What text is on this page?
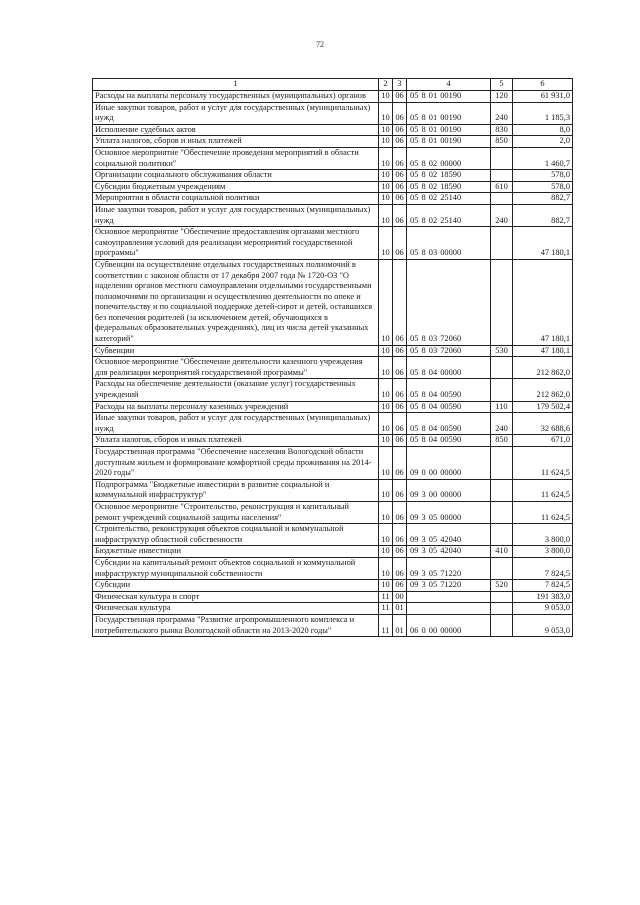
72
1	2	3	4	5	6
Расходы на выплаты персоналу государственных (муниципальных) органов	10	06	05 8 01 00190	120	61 931,0
Иные закупки товаров, работ и услуг для государственных (муниципальных) нужд	10	06	05 8 01 00190	240	1 185,3
Исполнение судебных актов	10	06	05 8 01 00190	830	8,0
Уплата налогов, сборов и иных платежей	10	06	05 8 01 00190	850	2,0
Основное мероприятие "Обеспечение проведения мероприятий в области социальной политики"	10	06	05 8 02 00000		1 460,7
Организации социального обслуживания области	10	06	05 8 02 18590		578,0
Субсидии бюджетным учреждениям	10	06	05 8 02 18590	610	578,0
Мероприятия в области социальной политики	10	06	05 8 02 25140		882,7
Иные закупки товаров, работ и услуг для государственных (муниципальных) нужд	10	06	05 8 02 25140	240	882,7
Основное мероприятие "Обеспечение предоставления органами местного самоуправления условий для реализации мероприятий государственной программы"	10	06	05 8 03 00000		47 180,1
Субвенции на осуществление отдельных государственных полномочий в соответствии с законом области от 17 декабря 2007 года № 1720-ОЗ "О наделении органов местного самоуправления отдельными государственными полномочиями по организации и осуществлению деятельности по опеке и попечительству и по социальной поддержке детей-сирот и детей, оставшихся без попечения родителей (за исключением детей, обучающихся в федеральных образовательных учреждениях), лиц из числа детей указанных категорий"	10	06	05 8 03 72060		47 180,1
Субвенции	10	06	05 8 03 72060	530	47 180,1
Основное мероприятие "Обеспечение деятельности казенного учреждения для реализации мероприятий государственной программы"	10	06	05 8 04 00000		212 862,0
Расходы на обеспечение деятельности (оказание услуг) государственных учреждений	10	06	05 8 04 00590		212 862,0
Расходы на выплаты персоналу казенных учреждений	10	06	05 8 04 00590	110	179 502,4
Иные закупки товаров, работ и услуг для государственных (муниципальных) нужд	10	06	05 8 04 00590	240	32 688,6
Уплата налогов, сборов и иных платежей	10	06	05 8 04 00590	850	671,0
Государственная программа "Обеспечение населения Вологодской области доступным жильем и формирование комфортной среды проживания на 2014-2020 годы"	10	06	09 0 00 00000		11 624,5
Подпрограмма "Бюджетные инвестиции в развитие социальной и коммунальной инфраструктур"	10	06	09 3 00 00000		11 624,5
Основное мероприятие "Строительство, реконструкция и капитальный ремонт учреждений социальной защиты населения"	10	06	09 3 05 00000		11 624,5
Строительство, реконструкция объектов социальной и коммунальной инфраструктур областной собственности	10	06	09 3 05 42040		3 800,0
Бюджетные инвестиции	10	06	09 3 05 42040	410	3 800,0
Субсидии на капитальный ремонт объектов социальной и коммунальной инфраструктур муниципальной собственности	10	06	09 3 05 71220		7 824,5
Субсидии	10	06	09 3 05 71220	520	7 824,5
Физическая культура и спорт	11	00			191 383,0
Физическая культура	11	01			9 053,0
Государственная программа "Развитие агропромышленного комплекса и потребительского рынка Вологодской области на 2013-2020 годы"	11	01	06 0 00 00000		9 053,0
